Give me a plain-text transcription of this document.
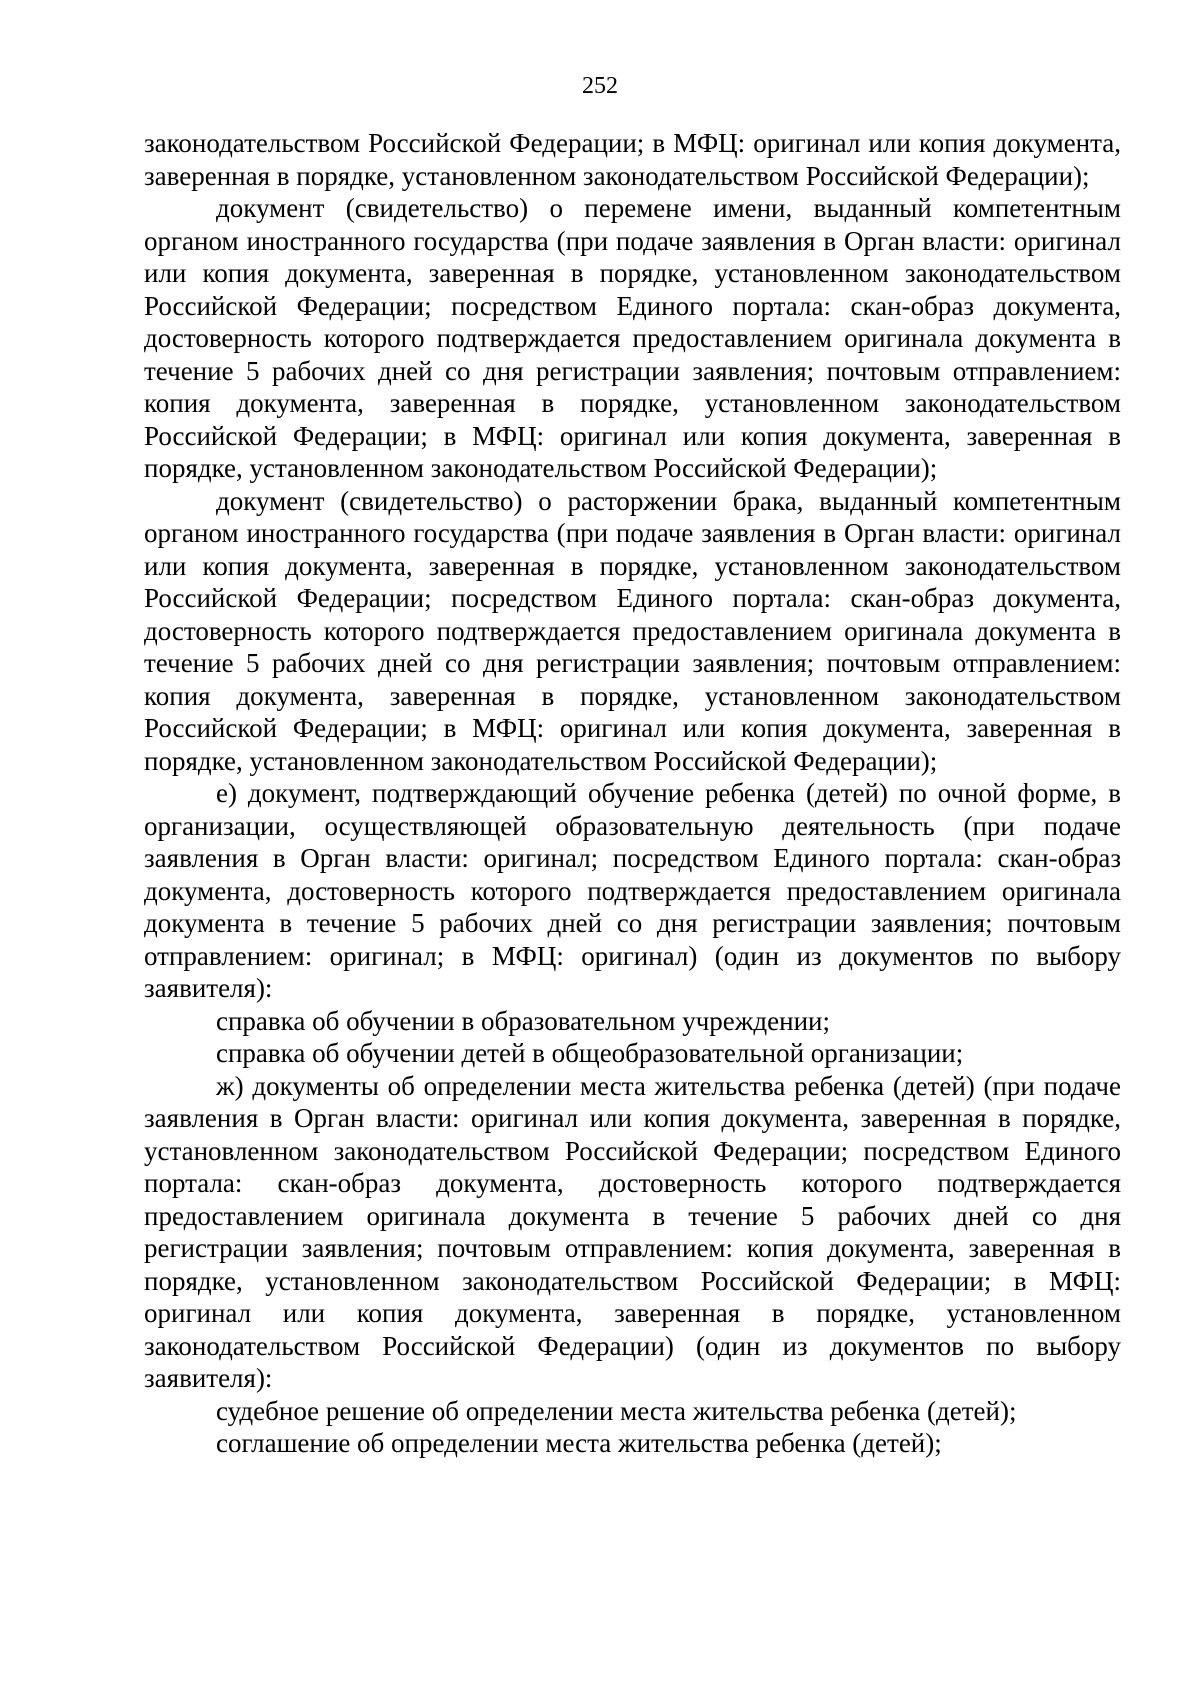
252

законодательством Российской Федерации; в МФЦ: оригинал или копия документа, заверенная в порядке, установленном законодательством Российской Федерации);

документ (свидетельство) о перемене имени, выданный компетентным органом иностранного государства (при подаче заявления в Орган власти: оригинал или копия документа, заверенная в порядке, установленном законодательством Российской Федерации; посредством Единого портала: скан-образ документа, достоверность которого подтверждается предоставлением оригинала документа в течение 5 рабочих дней со дня регистрации заявления; почтовым отправлением: копия документа, заверенная в порядке, установленном законодательством Российской Федерации; в МФЦ: оригинал или копия документа, заверенная в порядке, установленном законодательством Российской Федерации);

документ (свидетельство) о расторжении брака, выданный компетентным органом иностранного государства (при подаче заявления в Орган власти: оригинал или копия документа, заверенная в порядке, установленном законодательством Российской Федерации; посредством Единого портала: скан-образ документа, достоверность которого подтверждается предоставлением оригинала документа в течение 5 рабочих дней со дня регистрации заявления; почтовым отправлением: копия документа, заверенная в порядке, установленном законодательством Российской Федерации; в МФЦ: оригинал или копия документа, заверенная в порядке, установленном законодательством Российской Федерации);

е) документ, подтверждающий обучение ребенка (детей) по очной форме, в организации, осуществляющей образовательную деятельность (при подаче заявления в Орган власти: оригинал; посредством Единого портала: скан-образ документа, достоверность которого подтверждается предоставлением оригинала документа в течение 5 рабочих дней со дня регистрации заявления; почтовым отправлением: оригинал; в МФЦ: оригинал) (один из документов по выбору заявителя):

справка об обучении в образовательном учреждении;

справка об обучении детей в общеобразовательной организации;

ж) документы об определении места жительства ребенка (детей) (при подаче заявления в Орган власти: оригинал или копия документа, заверенная в порядке, установленном законодательством Российской Федерации; посредством Единого портала: скан-образ документа, достоверность которого подтверждается предоставлением оригинала документа в течение 5 рабочих дней со дня регистрации заявления; почтовым отправлением: копия документа, заверенная в порядке, установленном законодательством Российской Федерации; в МФЦ: оригинал или копия документа, заверенная в порядке, установленном законодательством Российской Федерации) (один из документов по выбору заявителя):

судебное решение об определении места жительства ребенка (детей);

соглашение об определении места жительства ребенка (детей);
